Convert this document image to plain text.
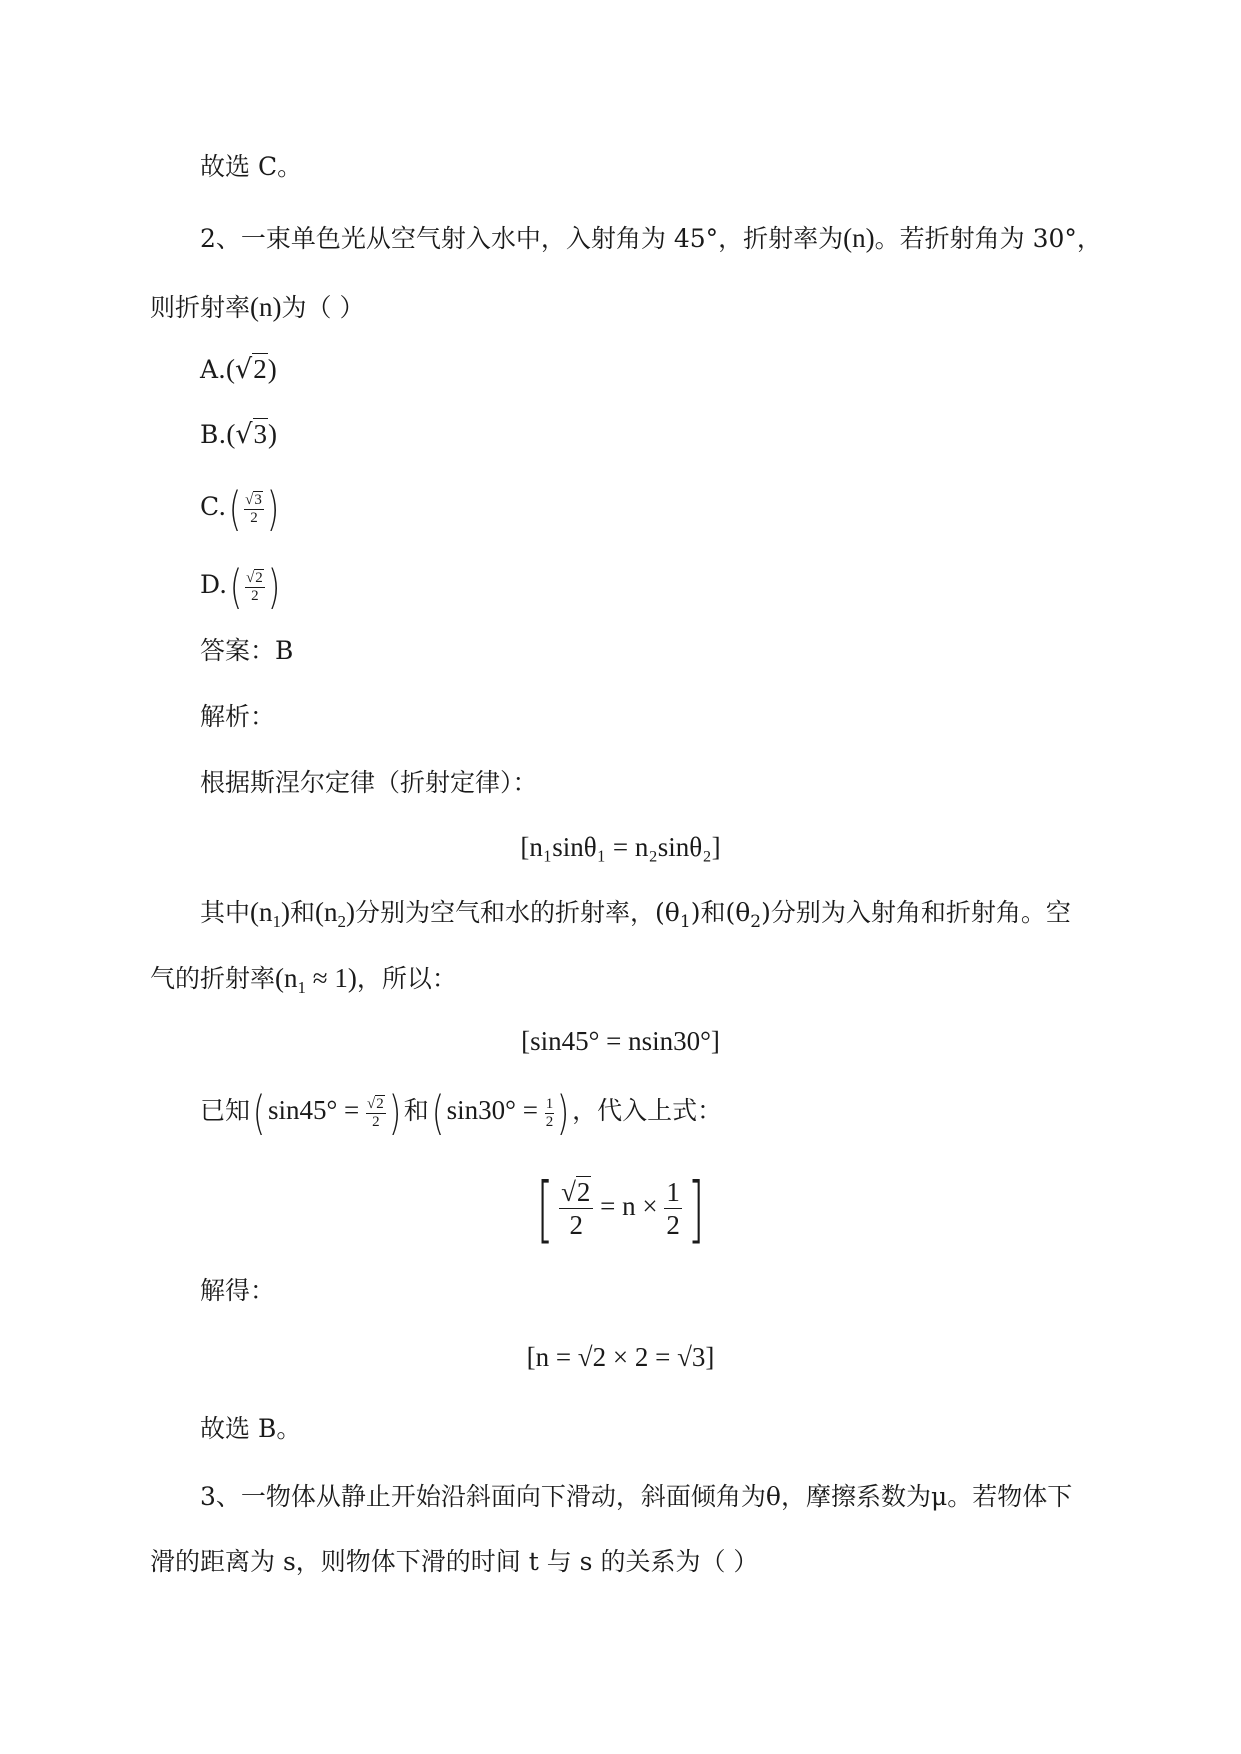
故选 C。
2、一束单色光从空气射入水中，入射角为 45°，折射率为(n)。若折射角为 30°，
则折射率(n)为（ ）
A.(√2)
B.(√3)
$C.( \frac{√3}{2}$ )
$D.( \frac{√2}{2}$ )
答案：B
解析：
根据斯涅尔定律（折射定律）：
[n₁sinθ₁ = n₂sinθ₂]
其中$(n_1)$和$(n_2)$分别为空气和水的折射率，$(\theta_1)$和$(\theta_2)$分别为入射角和折射角。空
气的折射率$(n_1 \approx 1)$，所以：
[sin45° = nsin30°]
已知($\sin 45^\circ = \frac{√2}{2}$ ) 和($\sin 30^\circ = \frac{1}{2}$ ) ，代入上式：
[ $\frac{√2}{2} = n \times \frac{1}{2}$ ]
解得：
[n = √2 × 2 = √3]
故选 B。
3、一物体从静止开始沿斜面向下滑动，斜面倾角为θ，摩擦系数为μ。若物体下
滑的距离为 s，则物体下滑的时间 t 与 s 的关系为（ ）
